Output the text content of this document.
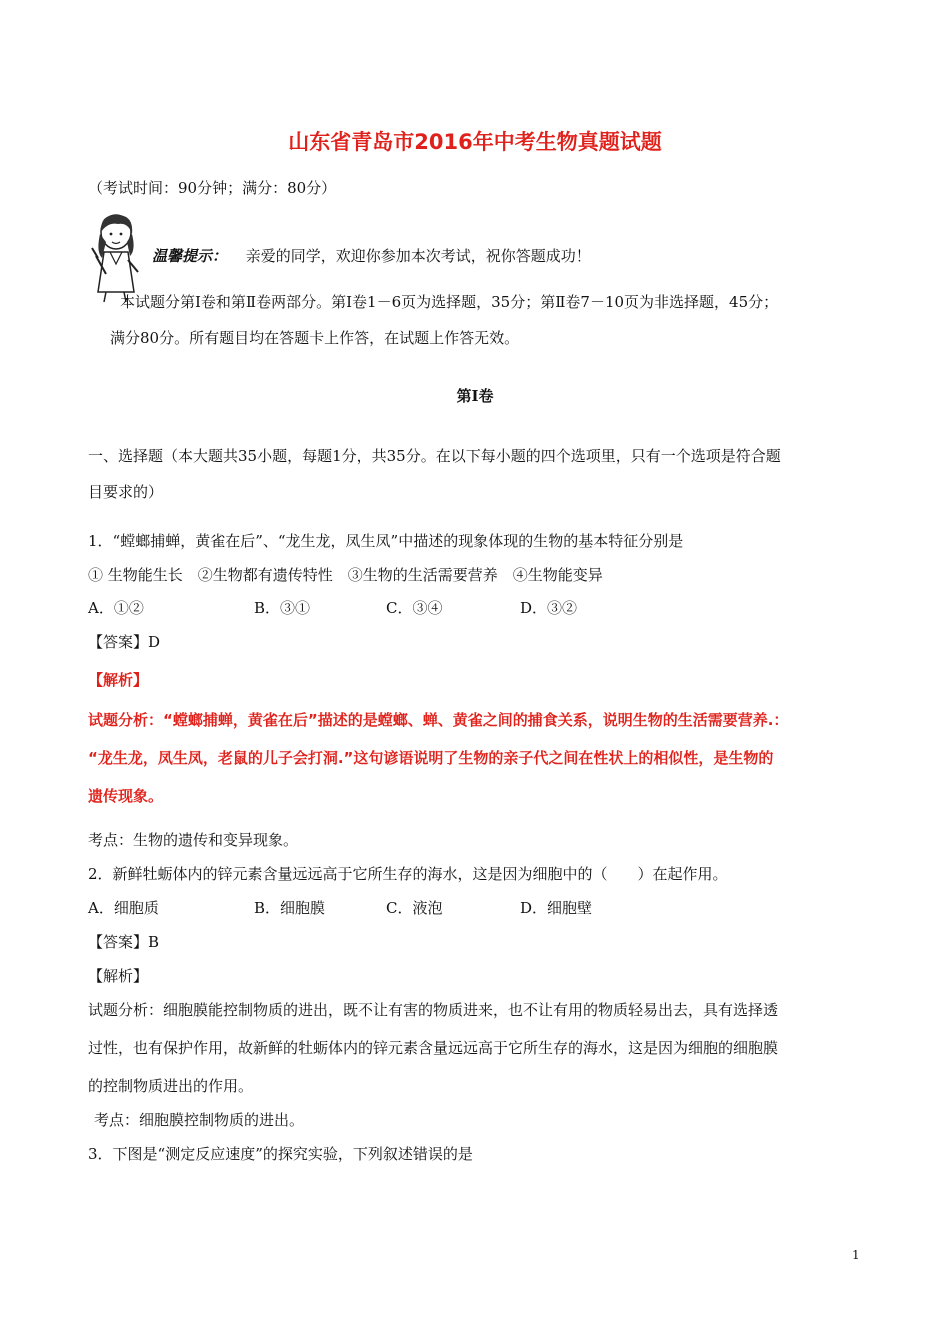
山东省青岛市2016年中考生物真题试题
（考试时间：90分钟；满分：80分）
温馨提示： 亲爱的同学，欢迎你参加本次考试，祝你答题成功！
本试题分第Ⅰ卷和第Ⅱ卷两部分。第Ⅰ卷1－6页为选择题，35分；第Ⅱ卷7－10页为非选择题，45分；
满分80分。所有题目均在答题卡上作答，在试题上作答无效。
第Ⅰ卷
一、选择题（本大题共35小题，每题1分，共35分。在以下每小题的四个选项里，只有一个选项是符合题
目要求的）
1．“螳螂捕蝉，黄雀在后”、“龙生龙，凤生凤”中描述的现象体现的生物的基本特征分别是
① 生物能生长　②生物都有遗传特性　③生物的生活需要营养　④生物能变异
A．①②	B．③①	C．③④	D．③②
【答案】D
【解析】
试题分析：“螳螂捕蝉，黄雀在后”描述的是螳螂、蝉、黄雀之间的捕食关系，说明生物的生活需要营养.：
“龙生龙，凤生凤，老鼠的儿子会打洞.”这句谚语说明了生物的亲子代之间在性状上的相似性，是生物的
遗传现象。
考点：生物的遗传和变异现象。
2．新鲜牡蛎体内的锌元素含量远远高于它所生存的海水，这是因为细胞中的（　　）在起作用。
A．细胞质	B．细胞膜	C．液泡	D．细胞壁
【答案】B
【解析】
试题分析：细胞膜能控制物质的进出，既不让有害的物质进来，也不让有用的物质轻易出去，具有选择透
过性，也有保护作用，故新鲜的牡蛎体内的锌元素含量远远高于它所生存的海水，这是因为细胞的细胞膜
的控制物质进出的作用。
考点：细胞膜控制物质的进出。
3．下图是“测定反应速度”的探究实验，下列叙述错误的是
1
